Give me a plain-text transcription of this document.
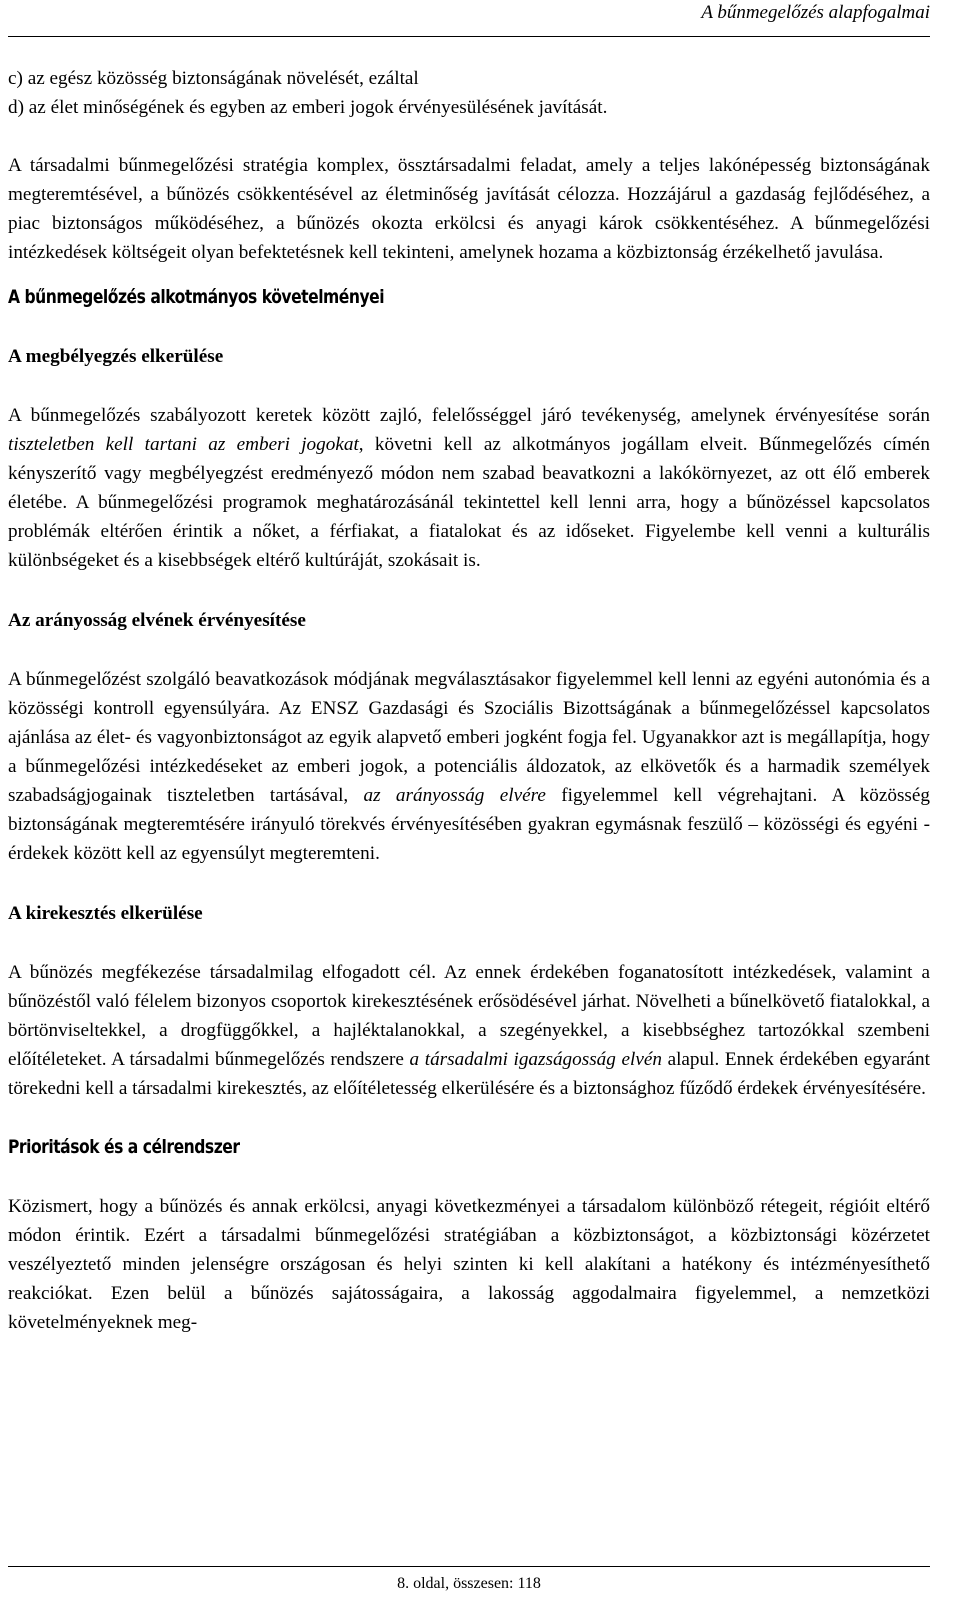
A bűnmegelőzés alapfogalmai

c) az egész közösség biztonságának növelését, ezáltal

d) az élet minőségének és egyben az emberi jogok érvényesülésének javítását.

A társadalmi bűnmegelőzési stratégia komplex, össztársadalmi feladat, amely a teljes lakónépesség biztonságának megteremtésével, a bűnözés csökkentésével az életminőség javítását célozza. Hozzájárul a gazdaság fejlődéséhez, a piac biztonságos működéséhez, a bűnözés okozta erkölcsi és anyagi károk csökkentéséhez. A bűnmegelőzési intézkedések költségeit olyan befektetésnek kell tekinteni, amelynek hozama a közbiztonság érzékelhető javulása.

A bűnmegelőzés alkotmányos követelményei
A megbélyegzés elkerülése

A bűnmegelőzés szabályozott keretek között zajló, felelősséggel járó tevékenység, amelynek érvényesítése során tiszteletben kell tartani az emberi jogokat, követni kell az alkotmányos jogállam elveit. Bűnmegelőzés címén kényszerítő vagy megbélyegzést eredményező módon nem szabad beavatkozni a lakókörnyezet, az ott élő emberek életébe. A bűnmegelőzési programok meghatározásánál tekintettel kell lenni arra, hogy a bűnözéssel kapcsolatos problémák eltérően érintik a nőket, a férfiakat, a fiatalokat és az időseket. Figyelembe kell venni a kulturális különbségeket és a kisebbségek eltérő kultúráját, szokásait is.

Az arányosság elvének érvényesítése

A bűnmegelőzést szolgáló beavatkozások módjának megválasztásakor figyelemmel kell lenni az egyéni autonómia és a közösségi kontroll egyensúlyára. Az ENSZ Gazdasági és Szociális Bizottságának a bűnmegelőzéssel kapcsolatos ajánlása az élet- és vagyonbiztonságot az egyik alapvető emberi jogként fogja fel. Ugyanakkor azt is megállapítja, hogy a bűnmegelőzési intézkedéseket az emberi jogok, a potenciális áldozatok, az elkövetők és a harmadik személyek szabadságjogainak tiszteletben tartásával, az arányosság elvére figyelemmel kell végrehajtani. A közösség biztonságának megteremtésére irányuló törekvés érvényesítésében gyakran egymásnak feszülő – közösségi és egyéni - érdekek között kell az egyensúlyt megteremteni.

A kirekesztés elkerülése

A bűnözés megfékezése társadalmilag elfogadott cél. Az ennek érdekében foganatosított intézkedések, valamint a bűnözéstől való félelem bizonyos csoportok kirekesztésének erősödésével járhat. Növelheti a bűnelkövető fiatalokkal, a börtönviseltekkel, a drogfüggőkkel, a hajléktalanokkal, a szegényekkel, a kisebbséghez tartozókkal szembeni előítéleteket. A társadalmi bűnmegelőzés rendszere a társadalmi igazságosság elvén alapul. Ennek érdekében egyaránt törekedni kell a társadalmi kirekesztés, az előítéletesség elkerülésére és a biztonsághoz fűződő érdekek érvényesítésére.

Prioritások és a célrendszer

Közismert, hogy a bűnözés és annak erkölcsi, anyagi következményei a társadalom különböző rétegeit, régióit eltérő módon érintik. Ezért a társadalmi bűnmegelőzési stratégiában a közbiztonságot, a közbiztonsági közérzetet veszélyeztető minden jelenségre országosan és helyi szinten ki kell alakítani a hatékony és intézményesíthető reakciókat. Ezen belül a bűnözés sajátosságaira, a lakosság aggodalmaira figyelemmel, a nemzetközi követelményeknek meg-

8. oldal, összesen: 118
